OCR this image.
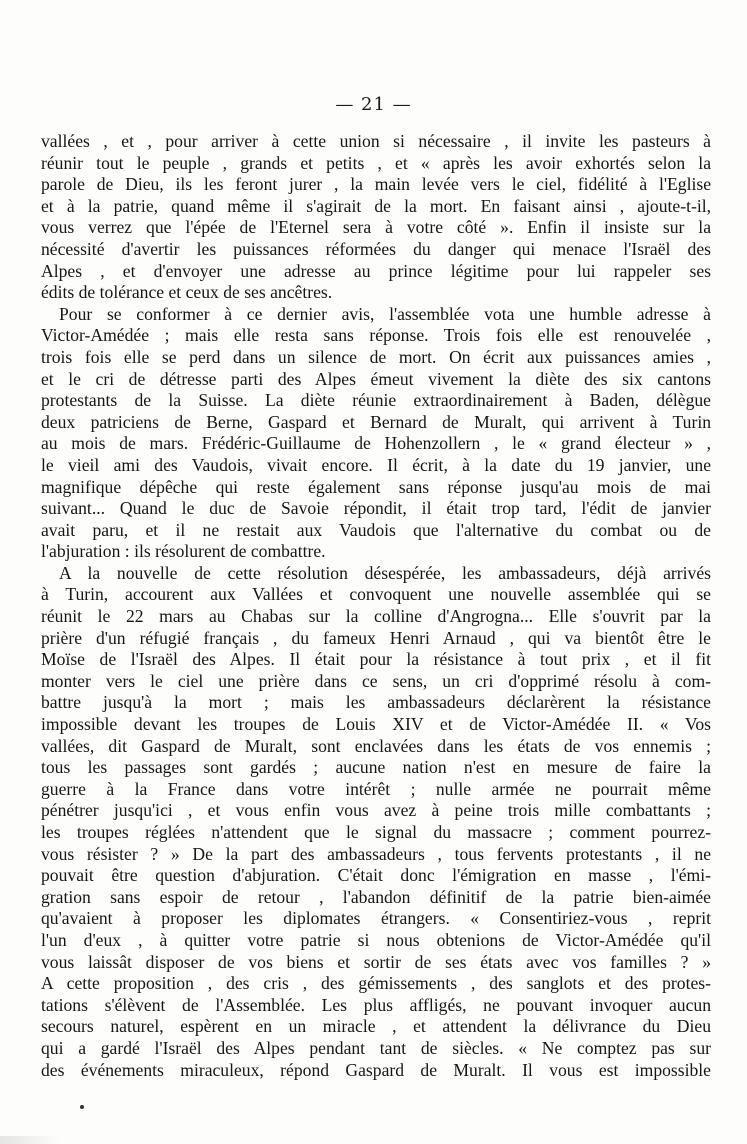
— 21 —
vallées , et , pour arriver à cette union si nécessaire , il invite les pasteurs à
réunir tout le peuple , grands et petits , et « après les avoir exhortés selon la
parole de Dieu, ils les feront jurer , la main levée vers le ciel, fidélité à l'Eglise
et à la patrie, quand même il s'agirait de la mort. En faisant ainsi , ajoute-t-il,
vous verrez que l'épée de l'Eternel sera à votre côté ». Enfin il insiste sur la
nécessité d'avertir les puissances réformées du danger qui menace l'Israël des
Alpes , et d'envoyer une adresse au prince légitime pour lui rappeler ses
édits de tolérance et ceux de ses ancêtres.
Pour se conformer à ce dernier avis, l'assemblée vota une humble adresse à
Victor-Amédée ; mais elle resta sans réponse. Trois fois elle est renouvelée ,
trois fois elle se perd dans un silence de mort. On écrit aux puissances amies ,
et le cri de détresse parti des Alpes émeut vivement la diète des six cantons
protestants de la Suisse. La diète réunie extraordinairement à Baden, délègue
deux patriciens de Berne, Gaspard et Bernard de Muralt, qui arrivent à Turin
au mois de mars. Frédéric-Guillaume de Hohenzollern , le « grand électeur » ,
le vieil ami des Vaudois, vivait encore. Il écrit, à la date du 19 janvier, une
magnifique dépêche qui reste également sans réponse jusqu'au mois de mai
suivant... Quand le duc de Savoie répondit, il était trop tard, l'édit de janvier
avait paru, et il ne restait aux Vaudois que l'alternative du combat ou de
l'abjuration : ils résolurent de combattre.
A la nouvelle de cette résolution désespérée, les ambassadeurs, déjà arrivés
à Turin, accourent aux Vallées et convoquent une nouvelle assemblée qui se
réunit le 22 mars au Chabas sur la colline d'Angrogna... Elle s'ouvrit par la
prière d'un réfugié français , du fameux Henri Arnaud , qui va bientôt être le
Moïse de l'Israël des Alpes. Il était pour la résistance à tout prix , et il fit
monter vers le ciel une prière dans ce sens, un cri d'opprimé résolu à com-
battre jusqu'à la mort ; mais les ambassadeurs déclarèrent la résistance
impossible devant les troupes de Louis XIV et de Victor-Amédée II. « Vos
vallées, dit Gaspard de Muralt, sont enclavées dans les états de vos ennemis ;
tous les passages sont gardés ; aucune nation n'est en mesure de faire la
guerre à la France dans votre intérêt ; nulle armée ne pourrait même
pénétrer jusqu'ici , et vous enfin vous avez à peine trois mille combattants ;
les troupes réglées n'attendent que le signal du massacre ; comment pourrez-
vous résister ? » De la part des ambassadeurs , tous fervents protestants , il ne
pouvait être question d'abjuration. C'était donc l'émigration en masse , l'émi-
gration sans espoir de retour , l'abandon définitif de la patrie bien-aimée
qu'avaient à proposer les diplomates étrangers. « Consentiriez-vous , reprit
l'un d'eux , à quitter votre patrie si nous obtenions de Victor-Amédée qu'il
vous laissât disposer de vos biens et sortir de ses états avec vos familles ? »
A cette proposition , des cris , des gémissements , des sanglots et des protes-
tations s'élèvent de l'Assemblée. Les plus affligés, ne pouvant invoquer aucun
secours naturel, espèrent en un miracle , et attendent la délivrance du Dieu
qui a gardé l'Israël des Alpes pendant tant de siècles. « Ne comptez pas sur
des événements miraculeux, répond Gaspard de Muralt. Il vous est impossible
